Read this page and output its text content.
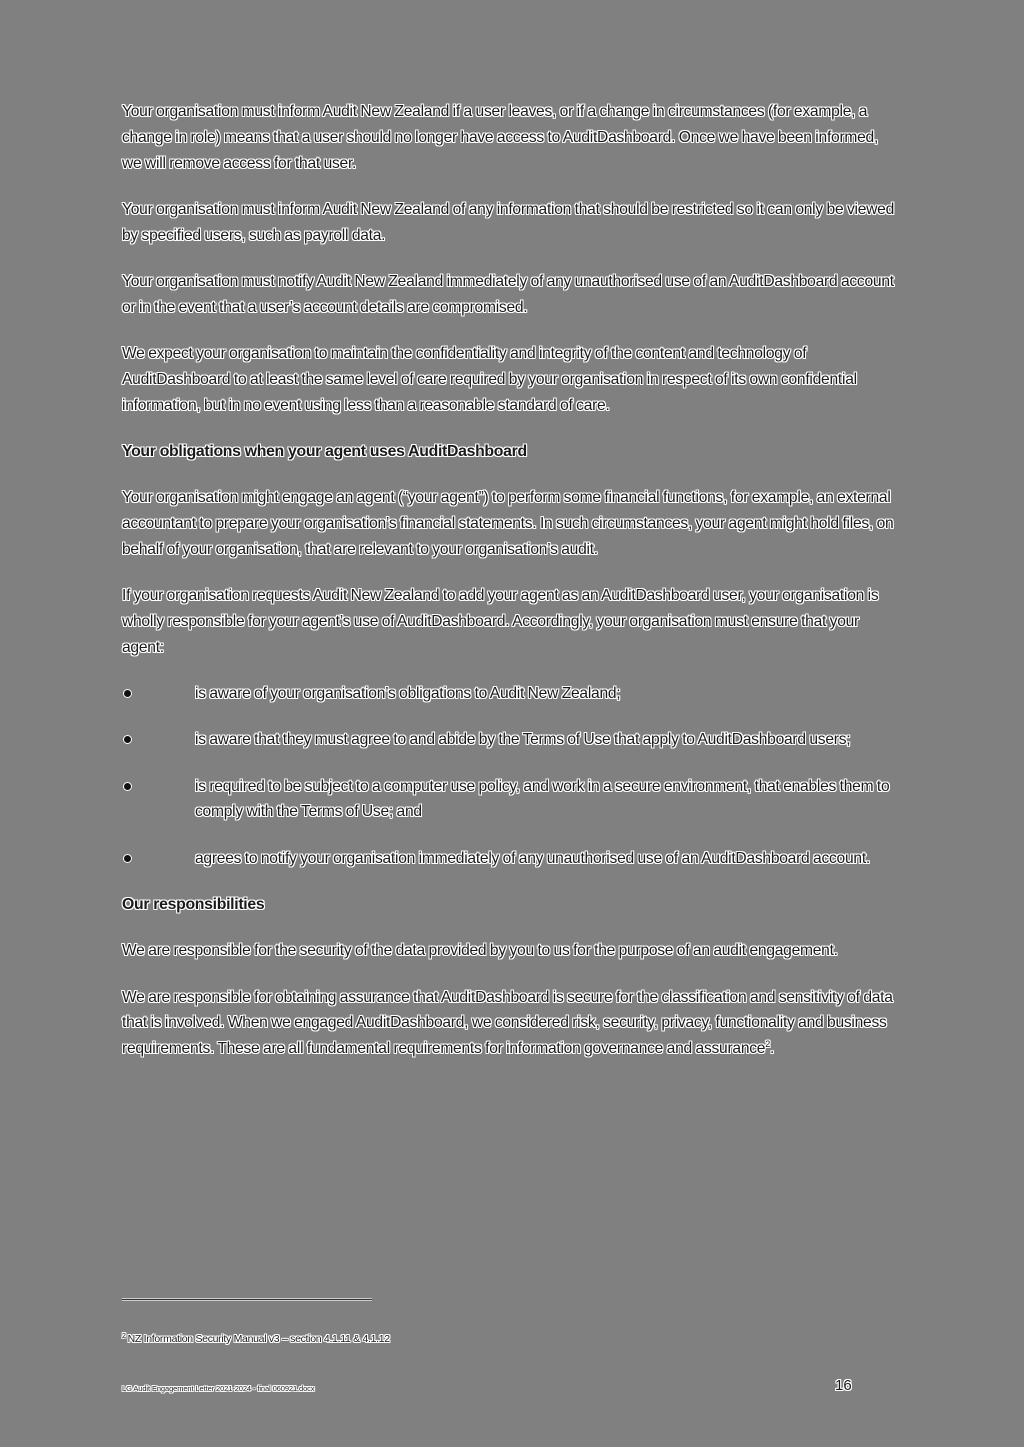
Your organisation must inform Audit New Zealand if a user leaves, or if a change in circumstances (for example, a change in role) means that a user should no longer have access to AuditDashboard. Once we have been informed, we will remove access for that user.

Your organisation must inform Audit New Zealand of any information that should be restricted so it can only be viewed by specified users, such as payroll data.

Your organisation must notify Audit New Zealand immediately of any unauthorised use of an AuditDashboard account or in the event that a user’s account details are compromised.

We expect your organisation to maintain the confidentiality and integrity of the content and technology of AuditDashboard to at least the same level of care required by your organisation in respect of its own confidential information, but in no event using less than a reasonable standard of care.

Your obligations when your agent uses AuditDashboard

Your organisation might engage an agent (“your agent”) to perform some financial functions, for example, an external accountant to prepare your organisation’s financial statements. In such circumstances, your agent might hold files, on behalf of your organisation, that are relevant to your organisation’s audit.

If your organisation requests Audit New Zealand to add your agent as an AuditDashboard user, your organisation is wholly responsible for your agent’s use of AuditDashboard. Accordingly, your organisation must ensure that your agent:

is aware of your organisation’s obligations to Audit New Zealand;
is aware that they must agree to and abide by the Terms of Use that apply to AuditDashboard users;
is required to be subject to a computer use policy, and work in a secure environment, that enables them to comply with the Terms of Use; and
agrees to notify your organisation immediately of any unauthorised use of an AuditDashboard account.
Our responsibilities

We are responsible for the security of the data provided by you to us for the purpose of an audit engagement.

We are responsible for obtaining assurance that AuditDashboard is secure for the classification and sensitivity of data that is involved. When we engaged AuditDashboard, we considered risk, security, privacy, functionality and business requirements. These are all fundamental requirements for information governance and assurance$^2$.

$^2$ NZ Information Security Manual v3 – section 4.1.11 & 4.1.12
LG Audit Engagement Letter 2021-2024 - final 060921.docx	16
